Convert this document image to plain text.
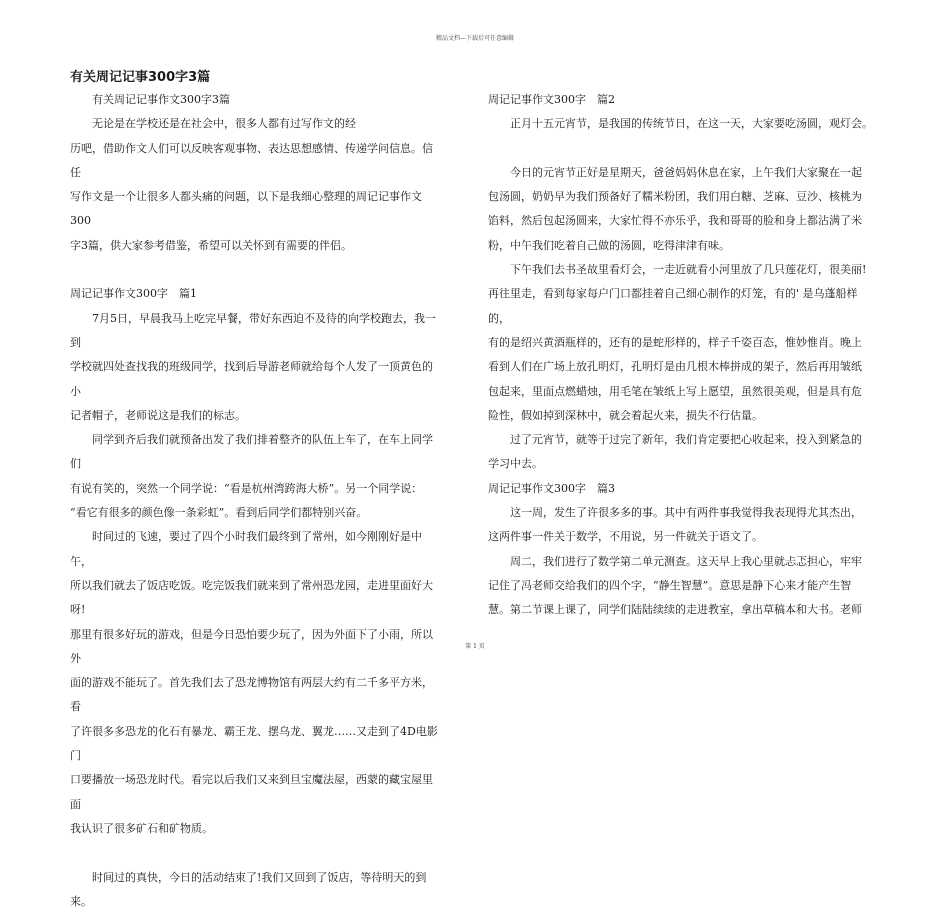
精品文档---下载后可任意编辑
有关周记记事300字3篇

　　有关周记记事作文300字3篇

　　无论是在学校还是在社会中，很多人都有过写作文的经

历吧，借助作文人们可以反映客观事物、表达思想感情、传递学问信息。信任

写作文是一个让很多人都头痛的问题，以下是我细心整理的周记记事作文300

字3篇，供大家参考借鉴，希望可以关怀到有需要的伴侣。

周记记事作文300字　篇1

　　7月5日，早晨我马上吃完早餐，带好东西迫不及待的向学校跑去，我一到

学校就四处查找我的班级同学，找到后导游老师就给每个人发了一顶黄色的小

记者帽子，老师说这是我们的标志。

　　同学到齐后我们就预备出发了我们排着整齐的队伍上车了，在车上同学们

有说有笑的，突然一个同学说：“看是杭州湾跨海大桥”。另一个同学说：

“看它有很多的颜色像一条彩虹”。看到后同学们都特别兴奋。

　　时间过的飞速，要过了四个小时我们最终到了常州，如今刚刚好是中午，

所以我们就去了饭店吃饭。吃完饭我们就来到了常州恐龙园，走进里面好大呀!

那里有很多好玩的游戏，但是今日恐怕要少玩了，因为外面下了小雨，所以外

面的游戏不能玩了。首先我们去了恐龙博物馆有两层大约有二千多平方米，看

了许很多多恐龙的化石有暴龙、霸王龙、摆乌龙、翼龙……又走到了4D电影门

口要播放一场恐龙时代。看完以后我们又来到旦宝魔法屋，西蒙的藏宝屋里面

我认识了很多矿石和矿物质。

　　时间过的真快，今日的活动结束了!我们又回到了饭店，等待明天的到来。

周记记事作文300字　篇2

　　正月十五元宵节，是我国的传统节日，在这一天，大家要吃汤圆，观灯会。

　　今日的元宵节正好是星期天，爸爸妈妈休息在家，上午我们大家聚在一起

包汤圆，奶奶早为我们预备好了糯米粉团，我们用白糖、芝麻、豆沙、核桃为

馅料，然后包起汤圆来，大家忙得不亦乐乎，我和哥哥的脸和身上都沾满了米

粉，中午我们吃着自己做的汤圆，吃得津津有味。

　　下午我们去书圣故里看灯会，一走近就看小河里放了几只莲花灯，很美丽!

再往里走，看到每家每户门口都挂着自己细心制作的灯笼，有的' 是乌蓬船样的，

有的是绍兴黄酒瓶样的，还有的是蛇形样的，样子千姿百态，惟妙惟肖。晚上

看到人们在广场上放孔明灯，孔明灯是由几根木棒拼成的架子，然后再用皱纸

包起来，里面点燃蜡烛，用毛笔在皱纸上写上愿望，虽然很美观，但是具有危

险性，假如掉到深林中，就会着起火来，损失不行估量。

　　过了元宵节，就等于过完了新年，我们肯定要把心收起来，投入到紧急的

学习中去。

周记记事作文300字　篇3

　　这一周，发生了许很多多的事。其中有两件事我觉得我表现得尤其杰出，

这两件事一件关于数学，不用说，另一件就关于语文了。

　　周二，我们进行了数学第二单元测查。这天早上我心里就忐忑担心，牢牢

记住了冯老师交给我们的四个字，“静生智慧”。意思是静下心来才能产生智

慧。第二节课上课了，同学们陆陆续续的走进教室，拿出草稿本和大书。老师

第 1 页
